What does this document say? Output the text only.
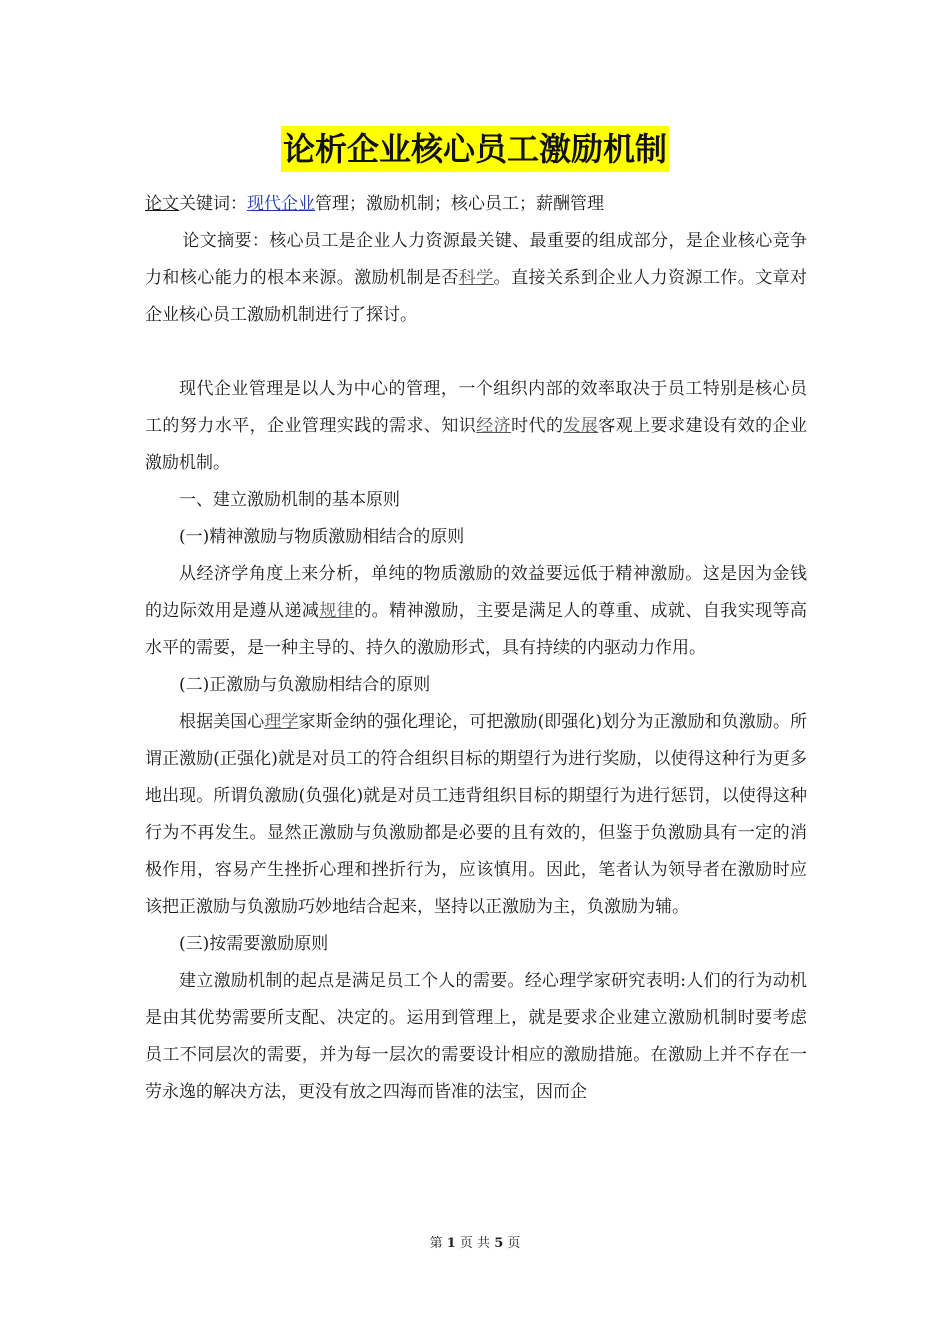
论析企业核心员工激励机制

论文关键词：现代企业管理；激励机制；核心员工；薪酬管理

论文摘要：核心员工是企业人力资源最关键、最重要的组成部分，是企业核心竞争力和核心能力的根本来源。激励机制是否科学。直接关系到企业人力资源工作。文章对企业核心员工激励机制进行了探讨。

现代企业管理是以人为中心的管理，一个组织内部的效率取决于员工特别是核心员工的努力水平，企业管理实践的需求、知识经济时代的发展客观上要求建设有效的企业激励机制。

一、建立激励机制的基本原则

(一)精神激励与物质激励相结合的原则

从经济学角度上来分析，单纯的物质激励的效益要远低于精神激励。这是因为金钱的边际效用是遵从递减规律的。精神激励，主要是满足人的尊重、成就、自我实现等高水平的需要，是一种主导的、持久的激励形式，具有持续的内驱动力作用。

(二)正激励与负激励相结合的原则

根据美国心理学家斯金纳的强化理论，可把激励(即强化)划分为正激励和负激励。所谓正激励(正强化)就是对员工的符合组织目标的期望行为进行奖励，以使得这种行为更多地出现。所谓负激励(负强化)就是对员工违背组织目标的期望行为进行惩罚，以使得这种行为不再发生。显然正激励与负激励都是必要的且有效的，但鉴于负激励具有一定的消极作用，容易产生挫折心理和挫折行为，应该慎用。因此，笔者认为领导者在激励时应该把正激励与负激励巧妙地结合起来，坚持以正激励为主，负激励为辅。

(三)按需要激励原则

建立激励机制的起点是满足员工个人的需要。经心理学家研究表明:人们的行为动机是由其优势需要所支配、决定的。运用到管理上，就是要求企业建立激励机制时要考虑员工不同层次的需要，并为每一层次的需要设计相应的激励措施。在激励上并不存在一劳永逸的解决方法，更没有放之四海而皆准的法宝，因而企

第 1 页 共 5 页
